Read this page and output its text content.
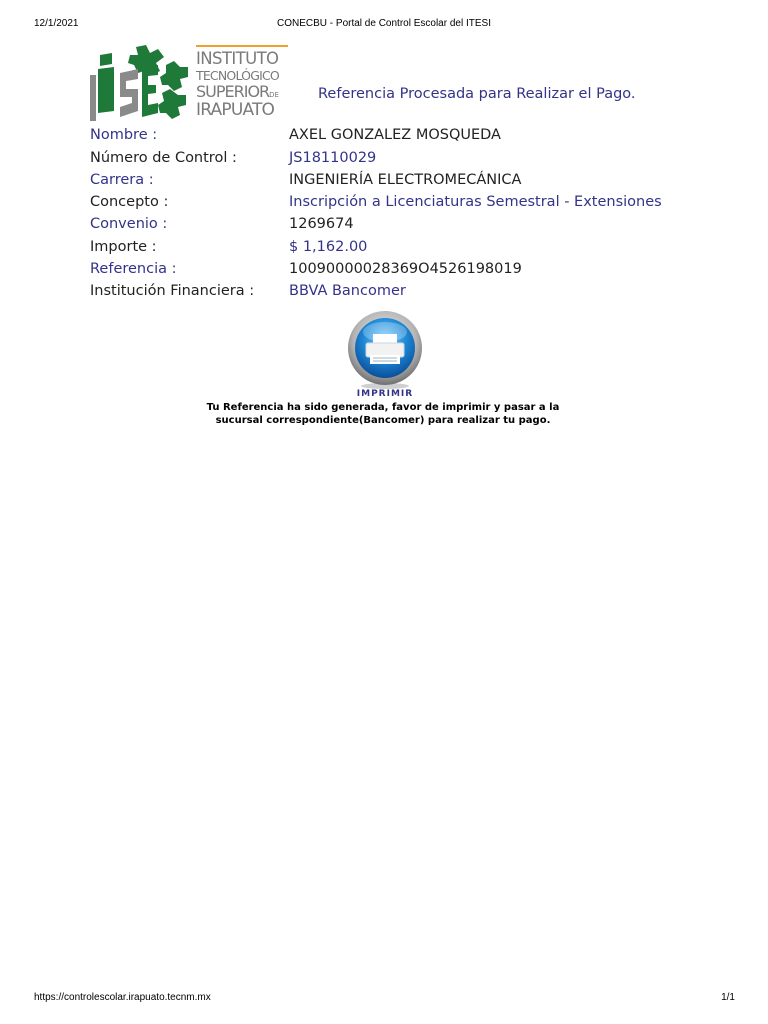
12/1/2021	CONECBU - Portal de Control Escolar del ITESI
INSTITUTO
TECNOLÓGICO
SUPERIORDE
IRAPUATO
Referencia Procesada para Realizar el Pago.
Nombre :	AXEL GONZALEZ MOSQUEDA
Número de Control :	JS18110029
Carrera :	INGENIERÍA ELECTROMECÁNICA
Concepto :	Inscripción a Licenciaturas Semestral - Extensiones
Convenio :	1269674
Importe :	$ 1,162.00
Referencia :	10090000028369O4526198019
Institución Financiera : BBVA Bancomer
IMPRIMIR
Tu Referencia ha sido generada, favor de imprimir y pasar a la
sucursal correspondiente(Bancomer) para realizar tu pago.
https://controlescolar.irapuato.tecnm.mx	1/1
